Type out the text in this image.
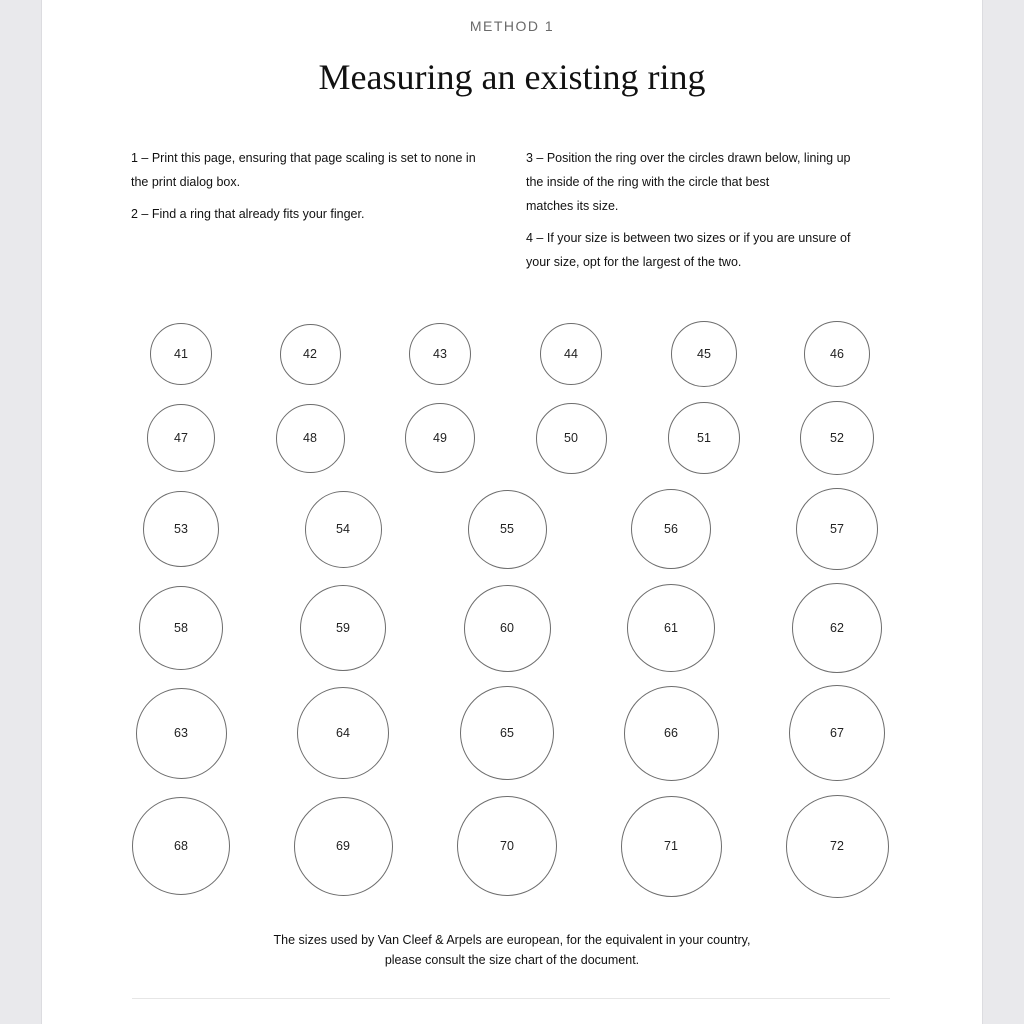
METHOD 1
Measuring an existing ring
1 – Print this page, ensuring that page scaling is set to none in
the print dialog box.
2 – Find a ring that already fits your finger.
3 – Position the ring over the circles drawn below, lining up
the inside of the ring with the circle that best
matches its size.
4 – If your size is between two sizes or if you are unsure of
your size, opt for the largest of the two.
41	42	43	44	45	46
47	48	49	50	51	52
53	54	55	56	57
58	59	60	61	62
63	64	65	66	67
68	69	70	71	72
The sizes used by Van Cleef & Arpels are european, for the equivalent in your country,
please consult the size chart of the document.
